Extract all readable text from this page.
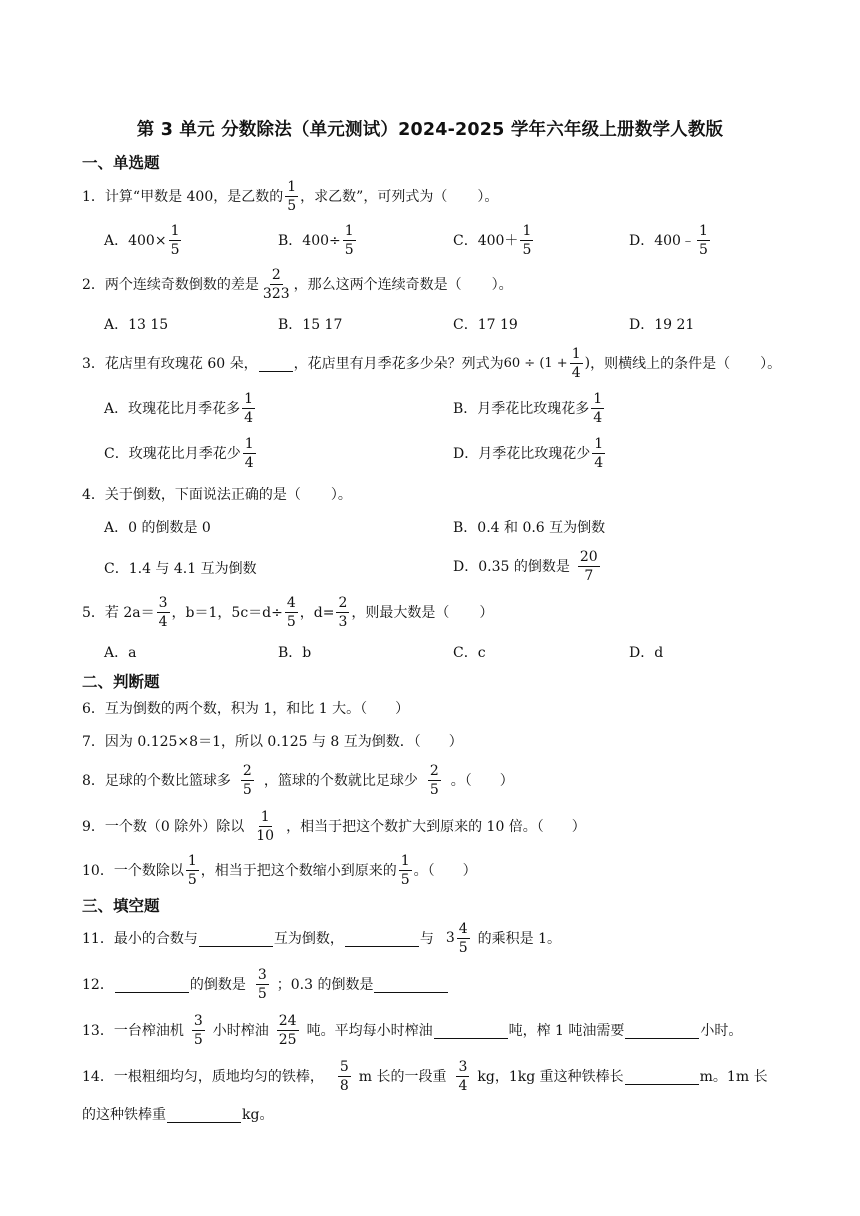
第 3 单元 分数除法（单元测试）2024-2025 学年六年级上册数学人教版
一、单选题
1．计算“甲数是 400，是乙数的 $\frac{1}{5}$ ，求乙数”，可列式为（ ）。
A．$400\times \frac{1}{5}$	B．$400\div \frac{1}{5}$	C．$400+ \frac{1}{5}$	D．400﹣ $\frac{1}{5}$
2．两个连续奇数倒数的差是 $\frac{2}{323}$ ，那么这两个连续奇数是（ ）。
A．13 15	B．15 17	C．17 19	D．19 21
3．花店里有玫瑰花 60 朵，	，花店里有月季花多少朵？列式为 $60 \div (1 + \frac{1}{4}$ ) ，则横线上的条件是（ ）。
A．玫瑰花比月季花多 $\frac{1}{4}$	B．月季花比玫瑰花多 $\frac{1}{4}$
C．玫瑰花比月季花少 $\frac{1}{4}$	D．月季花比玫瑰花少 $\frac{1}{4}$
4．关于倒数，下面说法正确的是（ ）。
A．0 的倒数是 0	B．0.4 和 0.6 互为倒数
C．1.4 与 4.1 互为倒数	D．0.35 的倒数是 $\frac{20}{7}$
5．若 $2a= \frac{3}{4}$ ，b＝1，$5c=d\div \frac{4}{5}$ ，$d= \frac{2}{3}$ ，则最大数是（ ）
A．a	B．b	C．c	D．d
二、判断题
6．互为倒数的两个数，积为 1，和比 1 大。（　　）
7．因为 0.125×8＝1，所以 0.125 与 8 互为倒数．（　　）
8．足球的个数比篮球多 $\frac{2}{5}$ ，篮球的个数就比足球少 $\frac{2}{5}$ 。（　　）
9．一个数（0 除外）除以 $\frac{1}{10}$ ，相当于把这个数扩大到原来的 10 倍。（　　）
10．一个数除以 $\frac{1}{5}$ ，相当于把这个数缩小到原来的 $\frac{1}{5}$ 。（　　）
三、填空题
11．最小的合数与	互为倒数，	与 $3 \frac{4}{5}$ 的乘积是 1。
12．	的倒数是 $\frac{3}{5}$ ；0.3 的倒数是
13．一台榨油机 $\frac{3}{5}$ 小时榨油 $\frac{24}{25}$ 吨。平均每小时榨油	吨，榨 1 吨油需要	小时。
14．一根粗细均匀，质地均匀的铁棒， $\frac{5}{8}$ m 长的一段重 $\frac{3}{4}$ kg，1kg 重这种铁棒长	m。1m 长
的这种铁棒重	kg。
